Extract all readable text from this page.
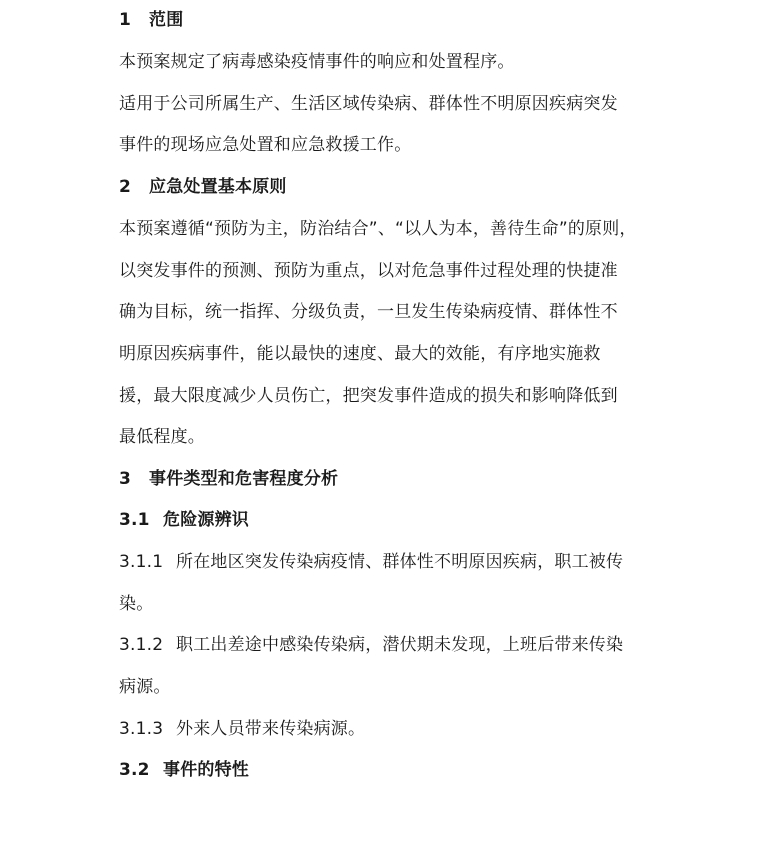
1 范围
本预案规定了病毒感染疫情事件的响应和处置程序。
适用于公司所属生产、生活区域传染病、群体性不明原因疾病突发
事件的现场应急处置和应急救援工作。
2 应急处置基本原则
本预案遵循“预防为主，防治结合”、“以人为本，善待生命”的原则，
以突发事件的预测、预防为重点，以对危急事件过程处理的快捷准
确为目标，统一指挥、分级负责，一旦发生传染病疫情、群体性不
明原因疾病事件，能以最快的速度、最大的效能，有序地实施救
援，最大限度减少人员伤亡，把突发事件造成的损失和影响降低到
最低程度。
3 事件类型和危害程度分析
3.1 危险源辨识
3.1.1 所在地区突发传染病疫情、群体性不明原因疾病，职工被传
染。
3.1.2 职工出差途中感染传染病，潜伏期未发现，上班后带来传染
病源。
3.1.3 外来人员带来传染病源。
3.2 事件的特性
